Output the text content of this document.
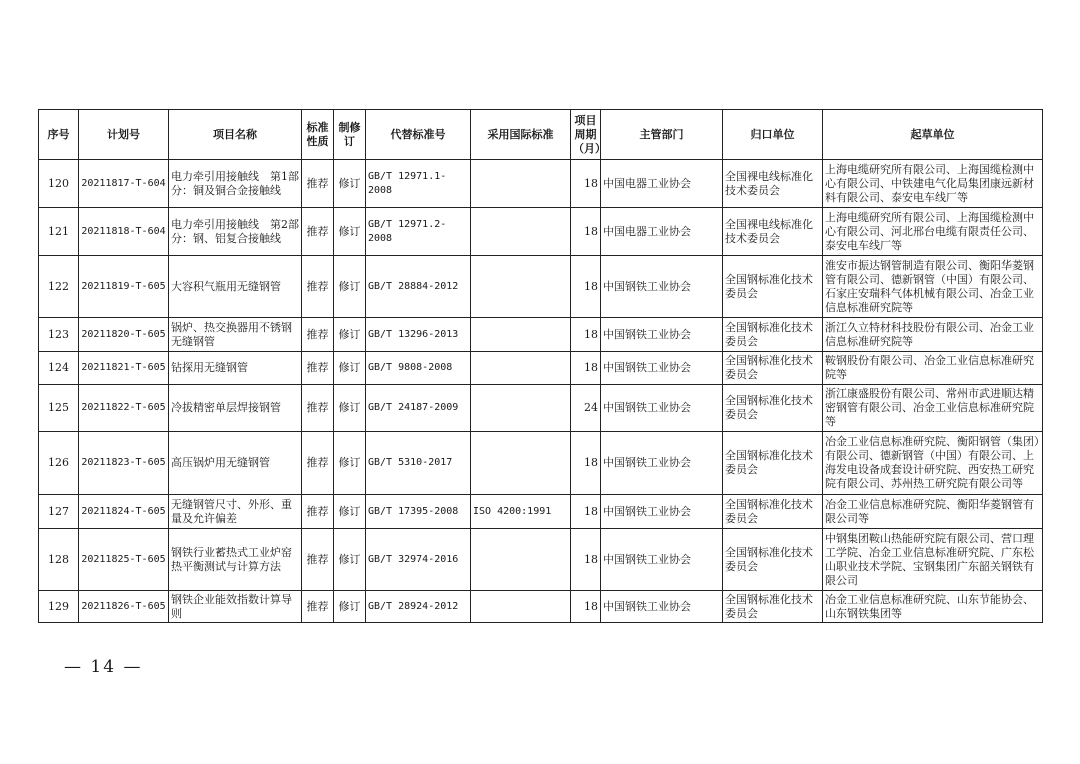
序号	计划号	项目名称	标准性质	制修订	代替标准号	采用国际标准	项目周期（月）	主管部门	归口单位	起草单位
120	20211817-T-604	电力牵引用接触线　第1部分：铜及铜合金接触线	推荐	修订	GB/T 12971.1-2008		18	中国电器工业协会	全国裸电线标准化技术委员会	上海电缆研究所有限公司、上海国缆检测中心有限公司、中铁建电气化局集团康远新材料有限公司、泰安电车线厂等
121	20211818-T-604	电力牵引用接触线　第2部分：钢、铝复合接触线	推荐	修订	GB/T 12971.2-2008		18	中国电器工业协会	全国裸电线标准化技术委员会	上海电缆研究所有限公司、上海国缆检测中心有限公司、河北邢台电缆有限责任公司、泰安电车线厂等
122	20211819-T-605	大容积气瓶用无缝钢管	推荐	修订	GB/T 28884-2012		18	中国钢铁工业协会	全国钢标准化技术委员会	淮安市振达钢管制造有限公司、衡阳华菱钢管有限公司、德新钢管（中国）有限公司、石家庄安瑞科气体机械有限公司、冶金工业信息标准研究院等
123	20211820-T-605	锅炉、热交换器用不锈钢无缝钢管	推荐	修订	GB/T 13296-2013		18	中国钢铁工业协会	全国钢标准化技术委员会	浙江久立特材科技股份有限公司、冶金工业信息标准研究院等
124	20211821-T-605	钻探用无缝钢管	推荐	修订	GB/T 9808-2008		18	中国钢铁工业协会	全国钢标准化技术委员会	鞍钢股份有限公司、冶金工业信息标准研究院等
125	20211822-T-605	冷拔精密单层焊接钢管	推荐	修订	GB/T 24187-2009		24	中国钢铁工业协会	全国钢标准化技术委员会	浙江康盛股份有限公司、常州市武进顺达精密钢管有限公司、冶金工业信息标准研究院等
126	20211823-T-605	高压锅炉用无缝钢管	推荐	修订	GB/T 5310-2017		18	中国钢铁工业协会	全国钢标准化技术委员会	冶金工业信息标准研究院、衡阳钢管（集团）有限公司、德新钢管（中国）有限公司、上海发电设备成套设计研究院、西安热工研究院有限公司、苏州热工研究院有限公司等
127	20211824-T-605	无缝钢管尺寸、外形、重量及允许偏差	推荐	修订	GB/T 17395-2008	ISO 4200:1991	18	中国钢铁工业协会	全国钢标准化技术委员会	冶金工业信息标准研究院、衡阳华菱钢管有限公司等
128	20211825-T-605	钢铁行业蓄热式工业炉窑热平衡测试与计算方法	推荐	修订	GB/T 32974-2016		18	中国钢铁工业协会	全国钢标准化技术委员会	中钢集团鞍山热能研究院有限公司、营口理工学院、冶金工业信息标准研究院、广东松山职业技术学院、宝钢集团广东韶关钢铁有限公司
129	20211826-T-605	钢铁企业能效指数计算导则	推荐	修订	GB/T 28924-2012		18	中国钢铁工业协会	全国钢标准化技术委员会	冶金工业信息标准研究院、山东节能协会、山东钢铁集团等
— 14 —
